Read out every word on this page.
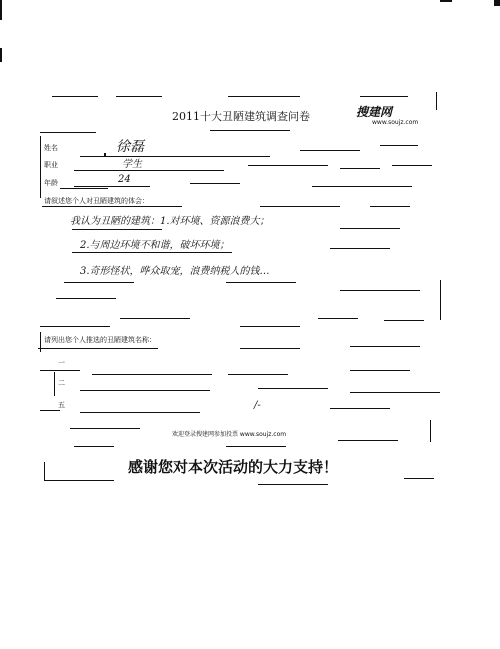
2011十大丑陋建筑调查问卷	搜建网
www.soujz.com
姓名	徐磊
职业	学生
年龄	24
请叙述您个人对丑陋建筑的体会：
我认为丑陋的建筑：1.对环境、资源浪费大；
2.与周边环境不和谐，破坏环境；
3.奇形怪状，哗众取宠，浪费纳税人的钱…
请列出您个人推选的丑陋建筑名称：
一
二
五	/-
欢迎登录搜建网参加投票 www.soujz.com
感谢您对本次活动的大力支持！
